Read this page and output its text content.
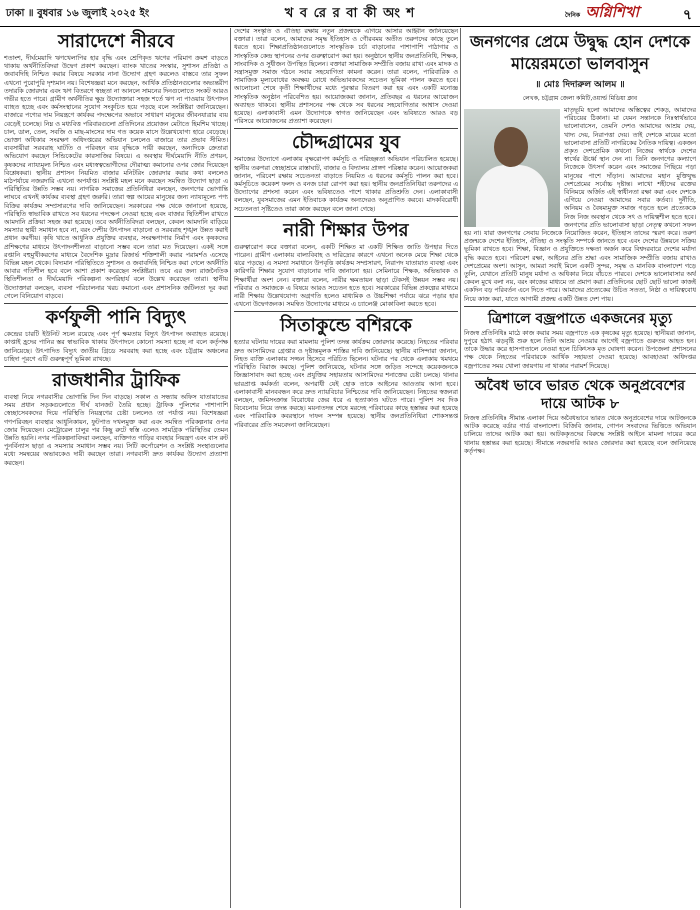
ঢাকা ॥ বুধবার ১৬ জুলাই ২০২৫ ইং	খ ব রে র বা কী অং শ	দৈনিক অগ্নিশিখা	৭
সারাদেশে নীরবে

শতাংশ, দীর্ঘমেয়াদি ঋণখেলাপির হার বৃদ্ধি এবং শ্রেণিকৃত ঋণের পরিমাণ ক্রমশ বাড়তে থাকায় অর্থনীতিবিদরা উদ্বেগ প্রকাশ করছেন। ব্যাংক খাতের সংস্কার, সুশাসন প্রতিষ্ঠা ও জবাবদিহি নিশ্চিত করার বিষয়ে সরকার নানা উদ্যোগ গ্রহণ করলেও বাস্তবে তার সুফল এখনো পুরোপুরি দৃশ্যমান নয়। বিশেষজ্ঞরা মনে করছেন, আর্থিক প্রতিষ্ঠানগুলোর অভ্যন্তরীণ তদারকি জোরদার এবং ঋণ বিতরণে স্বচ্ছতা না আনলে সামনের দিনগুলোতে সংকট আরও গভীর হতে পারে। গ্রামীণ অর্থনীতির ক্ষুদ্র উদ্যোক্তারা সহজ শর্তে ঋণ না পাওয়ায় উৎপাদন ব্যাহত হচ্ছে এবং কর্মসংস্থানের সুযোগ সংকুচিত হয়ে পড়ছে বলে সংশ্লিষ্টরা জানিয়েছেন। বাজারে পণ্যের দাম নিয়ন্ত্রণে কার্যকর পদক্ষেপের অভাবে সাধারণ মানুষের জীবনযাত্রার ব্যয় বেড়েই চলেছে। নিম্ন ও মধ্যবিত্ত পরিবারগুলো প্রতিদিনের প্রয়োজন মেটাতে হিমশিম খাচ্ছে। চাল, ডাল, তেল, সবজি ও মাছ-মাংসের দাম গত কয়েক মাসে উল্লেখযোগ্য হারে বেড়েছে। ভোক্তা অধিকার সংরক্ষণ অধিদপ্তরের অভিযান চললেও বাজারে তার প্রভাব সীমিত। ব্যবসায়ীরা সরবরাহ ঘাটতি ও পরিবহন ব্যয় বৃদ্ধিকে দায়ী করছেন, অন্যদিকে ক্রেতারা অভিযোগ করছেন সিন্ডিকেটের কারসাজির বিষয়ে। এ অবস্থায় দীর্ঘমেয়াদি নীতি প্রণয়ন, কৃষকদের ন্যায্যমূল্য নিশ্চিত এবং মধ্যস্বত্বভোগীদের দৌরাত্ম্য কমানোর ওপর জোর দিয়েছেন বিশ্লেষকরা। স্থানীয় প্রশাসন নিয়মিত বাজার মনিটরিং জোরদার করার কথা বললেও মাঠপর্যায়ে নজরদারি এখনো অপর্যাপ্ত। সংশ্লিষ্ট মহল মনে করছেন সমন্বিত উদ্যোগ ছাড়া এ পরিস্থিতির উন্নতি সম্ভব নয়। নাগরিক সমাজের প্রতিনিধিরা বলছেন, জনগণের ভোগান্তি লাঘবে এখনই কার্যকর ব্যবস্থা গ্রহণ জরুরি। তারা স্বল্প আয়ের মানুষের জন্য ন্যায্যমূল্যে পণ্য বিক্রির কার্যক্রম সম্প্রসারণের দাবি জানিয়েছেন। সরকারের পক্ষ থেকে জানানো হয়েছে, পরিস্থিতি স্বাভাবিক রাখতে সব ধরনের পদক্ষেপ নেওয়া হচ্ছে এবং বাজার স্থিতিশীল রাখতে আমদানি প্রক্রিয়া সহজ করা হয়েছে। তবে অর্থনীতিবিদরা বলছেন, কেবল আমদানি বাড়িয়ে সমস্যার স্থায়ী সমাধান হবে না, বরং দেশীয় উৎপাদন বাড়ানো ও সরবরাহ শৃঙ্খল উন্নত করাই প্রধান করণীয়। কৃষি খাতে আধুনিক প্রযুক্তির ব্যবহার, সংরক্ষণাগার নির্মাণ এবং কৃষকদের প্রশিক্ষণের মাধ্যমে উৎপাদনশীলতা বাড়ানো সম্ভব বলে তারা মত দিয়েছেন। একই সঙ্গে রপ্তানি বহুমুখীকরণের মাধ্যমে বৈদেশিক মুদ্রার রিজার্ভ শক্তিশালী করার পরামর্শও এসেছে বিভিন্ন মহল থেকে। বিদ্যমান পরিস্থিতিতে সুশাসন ও জবাবদিহি নিশ্চিত করা গেলে অর্থনীতি আবার গতিশীল হবে বলে আশা প্রকাশ করেছেন সংশ্লিষ্টরা। তবে এর জন্য রাজনৈতিক স্থিতিশীলতা ও দীর্ঘমেয়াদি পরিকল্পনা অপরিহার্য বলে উল্লেখ করেছেন তারা। স্থানীয় উদ্যোক্তারা বলছেন, ব্যবসা পরিচালনার খরচ কমানো এবং প্রশাসনিক জটিলতা দূর করা গেলে বিনিয়োগ বাড়বে।

কর্ণফুলী পানি বিদ্যুৎ

কেন্দ্রের চারটি ইউনিট সচল রয়েছে এবং পূর্ণ ক্ষমতায় বিদ্যুৎ উৎপাদন অব্যাহত রয়েছে। কাপ্তাই হ্রদের পানির স্তর স্বাভাবিক থাকায় উৎপাদনে কোনো সমস্যা হচ্ছে না বলে কর্তৃপক্ষ জানিয়েছে। উৎপাদিত বিদ্যুৎ জাতীয় গ্রিডে সরবরাহ করা হচ্ছে এবং চট্টগ্রাম অঞ্চলের চাহিদা পূরণে এটি গুরুত্বপূর্ণ ভূমিকা রাখছে।

রাজধানীর ট্রাফিক

ব্যবস্থা নিয়ে নগরবাসীর ভোগান্তি দিন দিন বাড়ছে। সকাল ও সন্ধ্যায় অফিস যাতায়াতের সময় প্রধান সড়কগুলোতে দীর্ঘ যানজট তৈরি হচ্ছে। ট্রাফিক পুলিশের পাশাপাশি স্বেচ্ছাসেবকদের দিয়ে পরিস্থিতি নিয়ন্ত্রণের চেষ্টা চললেও তা পর্যাপ্ত নয়। বিশেষজ্ঞরা গণপরিবহন ব্যবস্থার আধুনিকায়ন, ফুটপাত দখলমুক্ত করা এবং সমন্বিত পরিকল্পনার ওপর জোর দিয়েছেন। মেট্রোরেল চালুর পর কিছু রুটে স্বস্তি এলেও সামগ্রিক পরিস্থিতির তেমন উন্নতি হয়নি। নগর পরিকল্পনাবিদরা বলছেন, ব্যক্তিগত গাড়ির ব্যবহার নিয়ন্ত্রণ এবং বাস রুট পুনর্বিন্যাস ছাড়া এ সমস্যার সমাধান সম্ভব নয়। সিটি কর্পোরেশন ও সংশ্লিষ্ট সংস্থাগুলোর মধ্যে সমন্বয়ের অভাবকেও দায়ী করছেন তারা। নগরবাসী দ্রুত কার্যকর উদ্যোগ প্রত্যাশা করছেন।

দেশের সংস্কৃতি ও ঐতিহ্য রক্ষায় নতুন প্রজন্মকে এগিয়ে আসার আহ্বান জানিয়েছেন বক্তারা। তারা বলেন, আমাদের সমৃদ্ধ ইতিহাস ও গৌরবময় অতীত তরুণদের কাছে তুলে ধরতে হবে। শিক্ষাপ্রতিষ্ঠানগুলোতে সাংস্কৃতিক চর্চা বাড়ানোর পাশাপাশি পাঠাগার ও সাংস্কৃতিক কেন্দ্র স্থাপনের ওপর গুরুত্বারোপ করা হয়। অনুষ্ঠানে স্থানীয় জনপ্রতিনিধি, শিক্ষক, সাংবাদিক ও সুধীজন উপস্থিত ছিলেন। বক্তারা সামাজিক সম্প্রীতি বজায় রাখা এবং মাদক ও সন্ত্রাসমুক্ত সমাজ গঠনে সবার সহযোগিতা কামনা করেন। তারা বলেন, পারিবারিক ও সামাজিক মূল্যবোধের অবক্ষয় রোধে অভিভাবকদের সচেতন ভূমিকা পালন করতে হবে। আলোচনা শেষে কৃতী শিক্ষার্থীদের মধ্যে পুরস্কার বিতরণ করা হয় এবং একটি মনোজ্ঞ সাংস্কৃতিক অনুষ্ঠান পরিবেশিত হয়। আয়োজকরা জানান, প্রতিবছর এ ধরনের আয়োজন অব্যাহত থাকবে। স্থানীয় প্রশাসনের পক্ষ থেকে সব ধরনের সহযোগিতার আশ্বাস দেওয়া হয়েছে। এলাকাবাসী এমন উদ্যোগকে স্বাগত জানিয়েছেন এবং ভবিষ্যতে আরও বড় পরিসরে আয়োজনের প্রত্যাশা করেছেন।

চৌদ্দগ্রামের যুব

সমাজের উদ্যোগে এলাকায় বৃক্ষরোপণ কর্মসূচি ও পরিচ্ছন্নতা অভিযান পরিচালিত হয়েছে। স্থানীয় তরুণরা স্বেচ্ছাশ্রমে রাস্তাঘাট, বাজার ও বিদ্যালয় প্রাঙ্গণ পরিষ্কার করেন। আয়োজকরা জানান, পরিবেশ রক্ষায় সচেতনতা বাড়াতে নিয়মিত এ ধরনের কর্মসূচি পালন করা হবে। কর্মসূচিতে কয়েকশ ফলদ ও বনজ চারা রোপণ করা হয়। স্থানীয় জনপ্রতিনিধিরা তরুণদের এ উদ্যোগের প্রশংসা করেন এবং ভবিষ্যতেও পাশে থাকার প্রতিশ্রুতি দেন। এলাকাবাসী বলছেন, যুবসমাজের এমন ইতিবাচক কার্যক্রম অন্যদেরও অনুপ্রাণিত করবে। মাদকবিরোধী সচেতনতা সৃষ্টিতেও তারা কাজ করছেন বলে জানা গেছে।

নারী শিক্ষার উপর

গুরুত্বারোপ করে বক্তারা বলেন, একটি শিক্ষিত মা একটি শিক্ষিত জাতি উপহার দিতে পারেন। গ্রামীণ এলাকায় বাল্যবিবাহ ও দারিদ্র্যের কারণে এখনো অনেক মেয়ে শিক্ষা থেকে ঝরে পড়ছে। এ সমস্যা সমাধানে উপবৃত্তি কার্যক্রম সম্প্রসারণ, নিরাপদ যাতায়াত ব্যবস্থা এবং কারিগরি শিক্ষার সুযোগ বাড়ানোর দাবি জানানো হয়। সেমিনারে শিক্ষক, অভিভাবক ও শিক্ষার্থীরা অংশ নেন। বক্তারা বলেন, নারীর ক্ষমতায়ন ছাড়া টেকসই উন্নয়ন সম্ভব নয়। পরিবার ও সমাজকে এ বিষয়ে আরও সচেতন হতে হবে। সরকারের বিভিন্ন প্রকল্পের মাধ্যমে নারী শিক্ষায় উল্লেখযোগ্য অগ্রগতি হলেও মাধ্যমিক ও উচ্চশিক্ষা পর্যায়ে ঝরে পড়ার হার এখনো উদ্বেগজনক। সমন্বিত উদ্যোগের মাধ্যমে এ চ্যালেঞ্জ মোকাবিলা করতে হবে।

সিতাকুন্ডে বশিরকে

হত্যার ঘটনায় দায়ের করা মামলায় পুলিশ তদন্ত কার্যক্রম জোরদার করেছে। নিহতের পরিবার দ্রুত আসামিদের গ্রেপ্তার ও দৃষ্টান্তমূলক শাস্তির দাবি জানিয়েছে। স্থানীয় বাসিন্দারা জানান, নিহত ব্যক্তি এলাকায় সজ্জন হিসেবে পরিচিত ছিলেন। ঘটনার পর থেকে এলাকায় থমথমে পরিস্থিতি বিরাজ করছে। পুলিশ জানিয়েছে, ঘটনার সঙ্গে জড়িত সন্দেহে কয়েকজনকে জিজ্ঞাসাবাদ করা হচ্ছে এবং প্রযুক্তির সহায়তায় আসামিদের শনাক্তের চেষ্টা চলছে। থানার ভারপ্রাপ্ত কর্মকর্তা বলেন, অপরাধী যেই হোক তাকে আইনের আওতায় আনা হবে। এলাকাবাসী মানববন্ধন করে দ্রুত ন্যায়বিচার নিশ্চিতের দাবি জানিয়েছেন। নিহতের স্বজনরা বলছেন, জমিসংক্রান্ত বিরোধের জের ধরে এ হত্যাকাণ্ড ঘটতে পারে। পুলিশ সব দিক বিবেচনায় নিয়ে তদন্ত করছে। ময়নাতদন্ত শেষে মরদেহ পরিবারের কাছে হস্তান্তর করা হয়েছে এবং পারিবারিক কবরস্থানে দাফন সম্পন্ন হয়েছে। স্থানীয় জনপ্রতিনিধিরা শোকসন্তপ্ত পরিবারের প্রতি সমবেদনা জানিয়েছেন।

জনগণের প্রেমে উদ্বুদ্ধ হোন দেশকে মায়েরমতো ভালবাসুন
॥ মোঃ দিদারুল আলম ॥
লেখক, চট্টগ্রাম জেলা কমিটি,ওয়ার্ল্ড মিডিয়া ক্লাব

মাতৃভূমি হলো আমাদের অস্তিত্বের শেকড়, আমাদের পরিচয়ের ঠিকানা। মা যেমন সন্তানকে নিঃস্বার্থভাবে ভালোবাসেন, তেমনি দেশও আমাদের আশ্রয় দেয়, খাদ্য দেয়, নিরাপত্তা দেয়। তাই দেশকে মায়ের মতো ভালোবাসা প্রতিটি নাগরিকের নৈতিক দায়িত্ব। একজন প্রকৃত দেশপ্রেমিক কখনো নিজের স্বার্থকে দেশের স্বার্থের ঊর্ধ্বে স্থান দেন না। তিনি জনগণের কল্যাণে নিজেকে উৎসর্গ করেন এবং সমাজের পিছিয়ে পড়া মানুষের পাশে দাঁড়ান। আমাদের মহান মুক্তিযুদ্ধ দেশপ্রেমের সর্বোচ্চ দৃষ্টান্ত। লাখো শহীদের রক্তের বিনিময়ে অর্জিত এই স্বাধীনতা রক্ষা করা এবং দেশকে এগিয়ে নেওয়া আমাদের সবার কর্তব্য। দুর্নীতি, অনিয়ম ও বৈষম্যমুক্ত সমাজ গড়তে হলে প্রত্যেককে নিজ নিজ অবস্থান থেকে সৎ ও দায়িত্বশীল হতে হবে। জনগণের প্রতি ভালোবাসা ছাড়া নেতৃত্ব কখনো সফল হয় না। যারা জনগণের সেবায় নিজেকে নিয়োজিত করেন, ইতিহাস তাদের স্মরণ করে। তরুণ প্রজন্মকে দেশের ইতিহাস, ঐতিহ্য ও সংস্কৃতি সম্পর্কে জানতে হবে এবং দেশের উন্নয়নে সক্রিয় ভূমিকা রাখতে হবে। শিক্ষা, বিজ্ঞান ও প্রযুক্তিতে দক্ষতা অর্জন করে বিশ্বদরবারে দেশের মর্যাদা বৃদ্ধি করতে হবে। পরিবেশ রক্ষা, আইনের প্রতি শ্রদ্ধা এবং সামাজিক সম্প্রীতি বজায় রাখাও দেশপ্রেমের অংশ। আসুন, আমরা সবাই মিলে একটি সুন্দর, সমৃদ্ধ ও মানবিক বাংলাদেশ গড়ে তুলি, যেখানে প্রতিটি মানুষ মর্যাদা ও অধিকার নিয়ে বাঁচতে পারবে। দেশকে ভালোবাসার অর্থ কেবল মুখে বলা নয়, বরং কাজের মাধ্যমে তা প্রমাণ করা। প্রতিদিনের ছোট ছোট ভালো কাজই একদিন বড় পরিবর্তন এনে দিতে পারে। আমাদের প্রত্যেকের উচিত সততা, নিষ্ঠা ও দায়িত্ববোধ নিয়ে কাজ করা, যাতে আগামী প্রজন্ম একটি উন্নত দেশ পায়।

ত্রিশালে বজ্রপাতে একজনের মৃত্যু

নিজস্ব প্রতিনিধিঃ মাঠে কাজ করার সময় বজ্রপাতে এক কৃষকের মৃত্যু হয়েছে। স্থানীয়রা জানান, দুপুরে হঠাৎ ঝড়বৃষ্টি শুরু হলে তিনি আশ্রয় নেওয়ার আগেই বজ্রপাতে গুরুতর আহত হন। তাকে উদ্ধার করে হাসপাতালে নেওয়া হলে চিকিৎসক মৃত ঘোষণা করেন। উপজেলা প্রশাসনের পক্ষ থেকে নিহতের পরিবারকে আর্থিক সহায়তা দেওয়া হয়েছে। আবহাওয়া অধিদপ্তর বজ্রপাতের সময় খোলা জায়গায় না থাকার পরামর্শ দিয়েছে।

অবৈধ ভাবে ভারত থেকে অনুপ্রবেশের দায়ে আটক ৮

নিজস্ব প্রতিনিধিঃ সীমান্ত এলাকা দিয়ে অবৈধভাবে ভারত থেকে অনুপ্রবেশের দায়ে আটজনকে আটক করেছে বর্ডার গার্ড বাংলাদেশ। বিজিবি জানায়, গোপন সংবাদের ভিত্তিতে অভিযান চালিয়ে তাদের আটক করা হয়। আটককৃতদের বিরুদ্ধে সংশ্লিষ্ট আইনে মামলা দায়ের করে থানায় হস্তান্তর করা হয়েছে। সীমান্তে নজরদারি আরও জোরদার করা হয়েছে বলে জানিয়েছে কর্তৃপক্ষ।
